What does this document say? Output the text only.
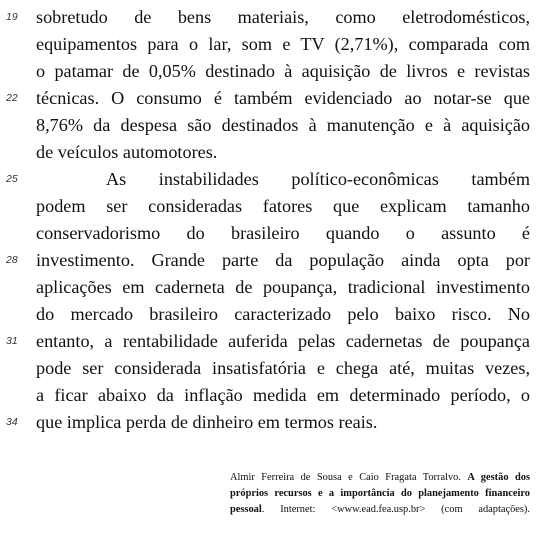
19
22
25
28
31
34
sobretudo de bens materiais, como eletrodomésticos,
equipamentos para o lar, som e TV (2,71%), comparada com
o patamar de 0,05% destinado à aquisição de livros e revistas
técnicas. O consumo é também evidenciado ao notar-se que
8,76% da despesa são destinados à manutenção e à aquisição
de veículos automotores.
As instabilidades político-econômicas também
podem ser consideradas fatores que explicam tamanho
conservadorismo do brasileiro quando o assunto é
investimento. Grande parte da população ainda opta por
aplicações em caderneta de poupança, tradicional investimento
do mercado brasileiro caracterizado pelo baixo risco. No
entanto, a rentabilidade auferida pelas cadernetas de poupança
pode ser considerada insatisfatória e chega até, muitas vezes,
a ficar abaixo da inflação medida em determinado período, o
que implica perda de dinheiro em termos reais.
Almir Ferreira de Sousa e Caio Fragata Torralvo. A gestão dos
próprios recursos e a importância do planejamento financeiro
pessoal. Internet: <www.ead.fea.usp.br> (com adaptações).
